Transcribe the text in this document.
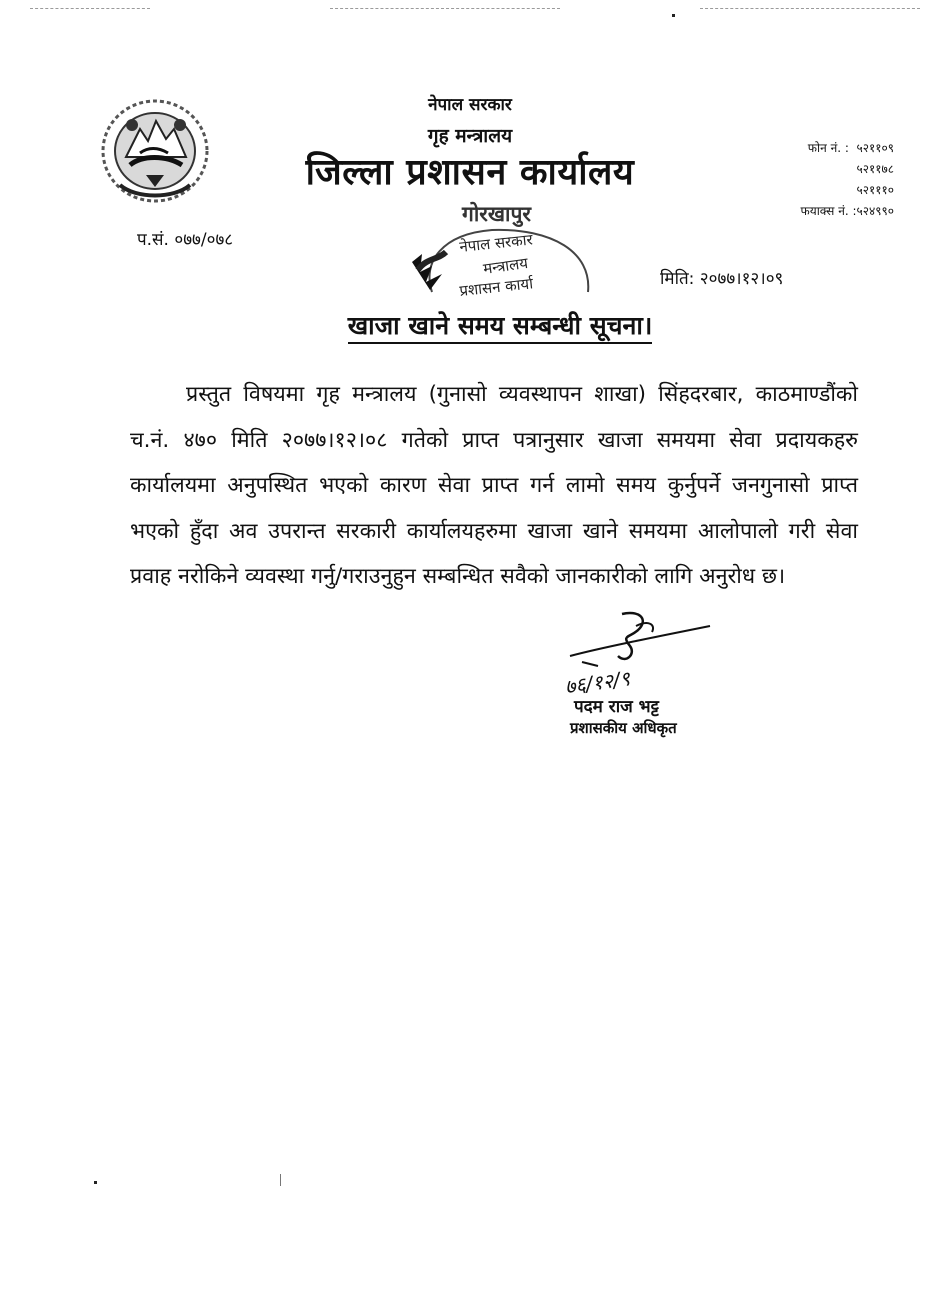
नेपाल सरकार
गृह मन्त्रालय
जिल्ला प्रशासन कार्यालय
गोरखापुर
फोन नं. :  ५२११०९
५२११७८
५२१११०
फयाक्स नं. :५२४९९०
प.सं. ०७७/०७८
मिति: २०७७।१२।०९
नेपाल सरकार
मन्त्रालय
प्रशासन कार्या
खाजा खाने समय सम्बन्धी सूचना।
प्रस्तुत विषयमा गृह मन्त्रालय (गुनासो व्यवस्थापन शाखा) सिंहदरबार, काठमाण्डौंको च.नं. ४७० मिति २०७७।१२।०८ गतेको प्राप्त पत्रानुसार खाजा समयमा सेवा प्रदायकहरु कार्यालयमा अनुपस्थित भएको कारण सेवा प्राप्त गर्न लामो समय कुर्नुपर्ने जनगुनासो प्राप्त भएको हुँदा अव उपरान्त सरकारी कार्यालयहरुमा खाजा खाने समयमा आलोपालो गरी सेवा प्रवाह नरोकिने व्यवस्था गर्नु/गराउनुहुन सम्बन्धित सवैको जानकारीको लागि अनुरोध छ।
७६/१२/९
पदम राज भट्ट
प्रशासकीय अधिकृत
